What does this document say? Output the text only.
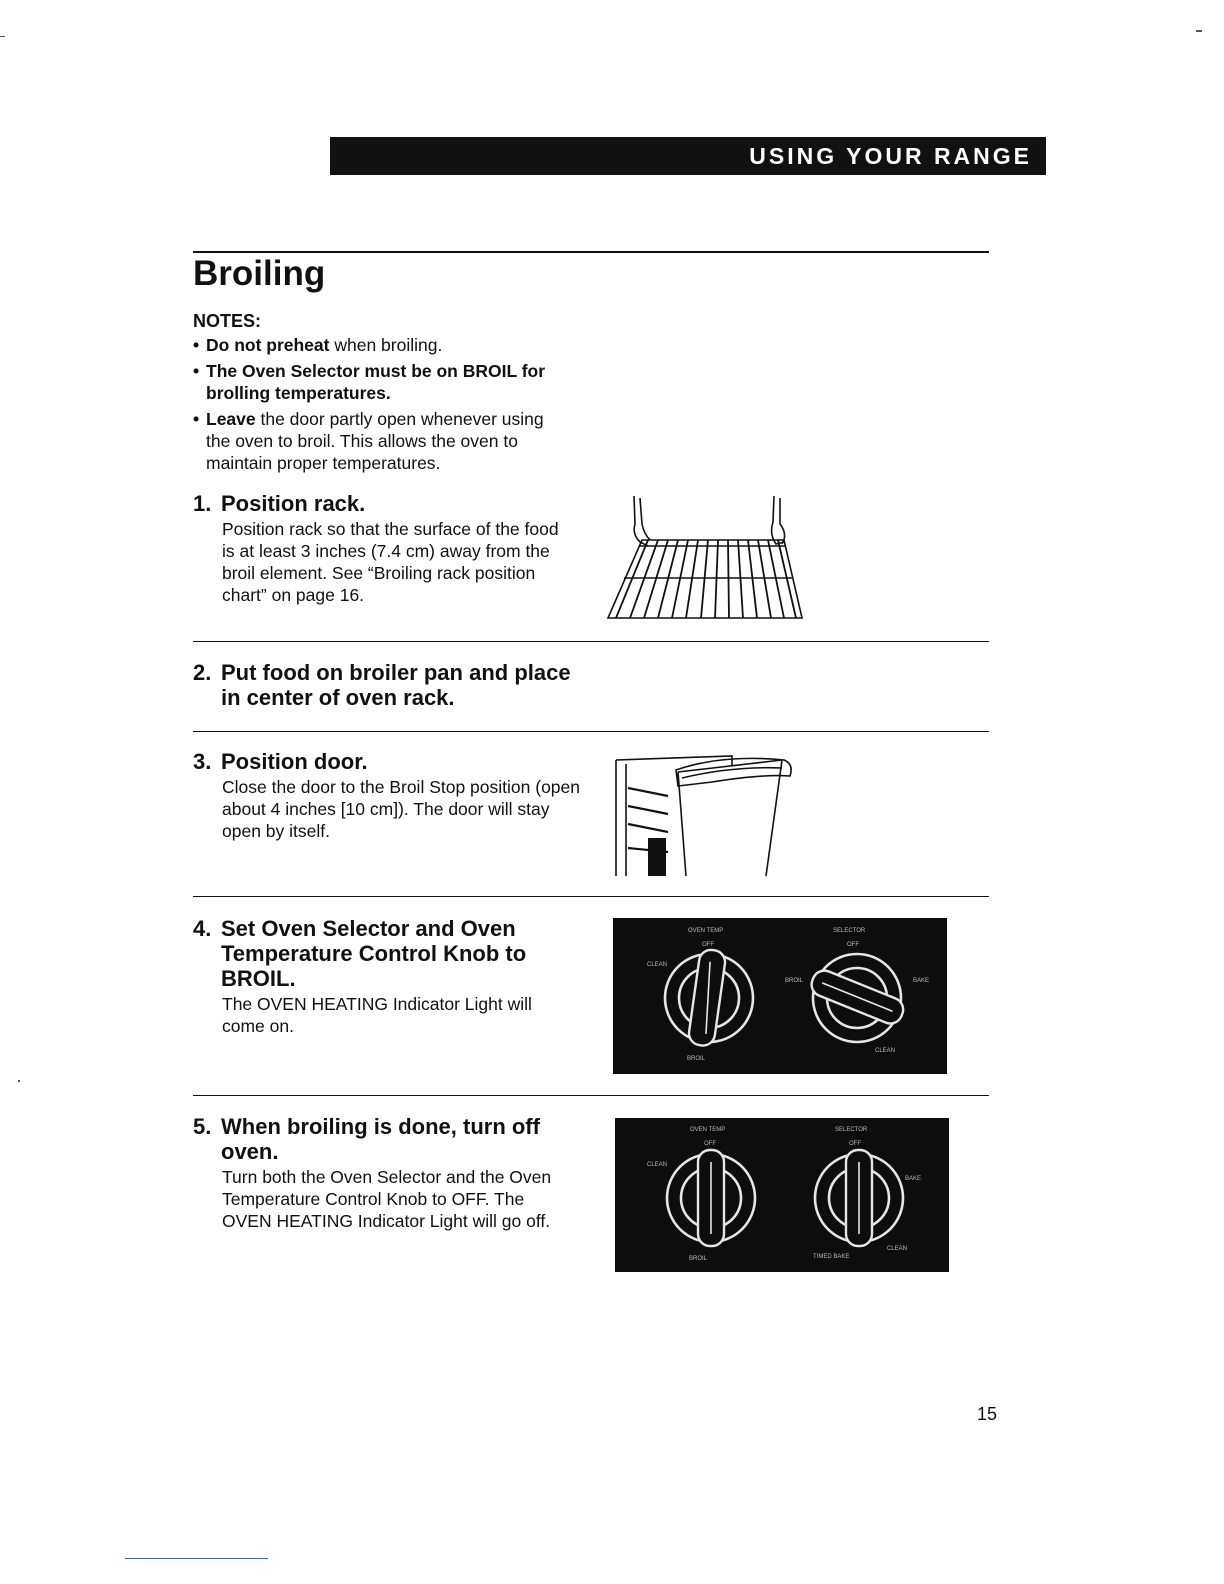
USING YOUR RANGE
Broiling
NOTES:
• Do not preheat when broiling.
• The Oven Selector must be on BROIL for brolling temperatures.
• Leave the door partly open whenever using the oven to broil. This allows the oven to maintain proper temperatures.
1. Position rack.
Position rack so that the surface of the food is at least 3 inches (7.4 cm) away from the broil element. See “Broiling rack position chart” on page 16.
2. Put food on broiler pan and place in center of oven rack.
3. Position door.
Close the door to the Broil Stop position (open about 4 inches [10 cm]). The door will stay open by itself.
4. Set Oven Selector and Oven Temperature Control Knob to BROIL.
The OVEN HEATING Indicator Light will come on.
5. When broiling is done, turn off oven.
Turn both the Oven Selector and the Oven Temperature Control Knob to OFF. The OVEN HEATING Indicator Light will go off.
OVEN TEMP
OFF
CLEAN
BROIL
SELECTOR
OFF
BROIL	BAKE
CLEAN
OVEN TEMP
OFF
CLEAN
BROIL
SELECTOR
OFF
BAKE
TIMED BAKE
CLEAN
15
